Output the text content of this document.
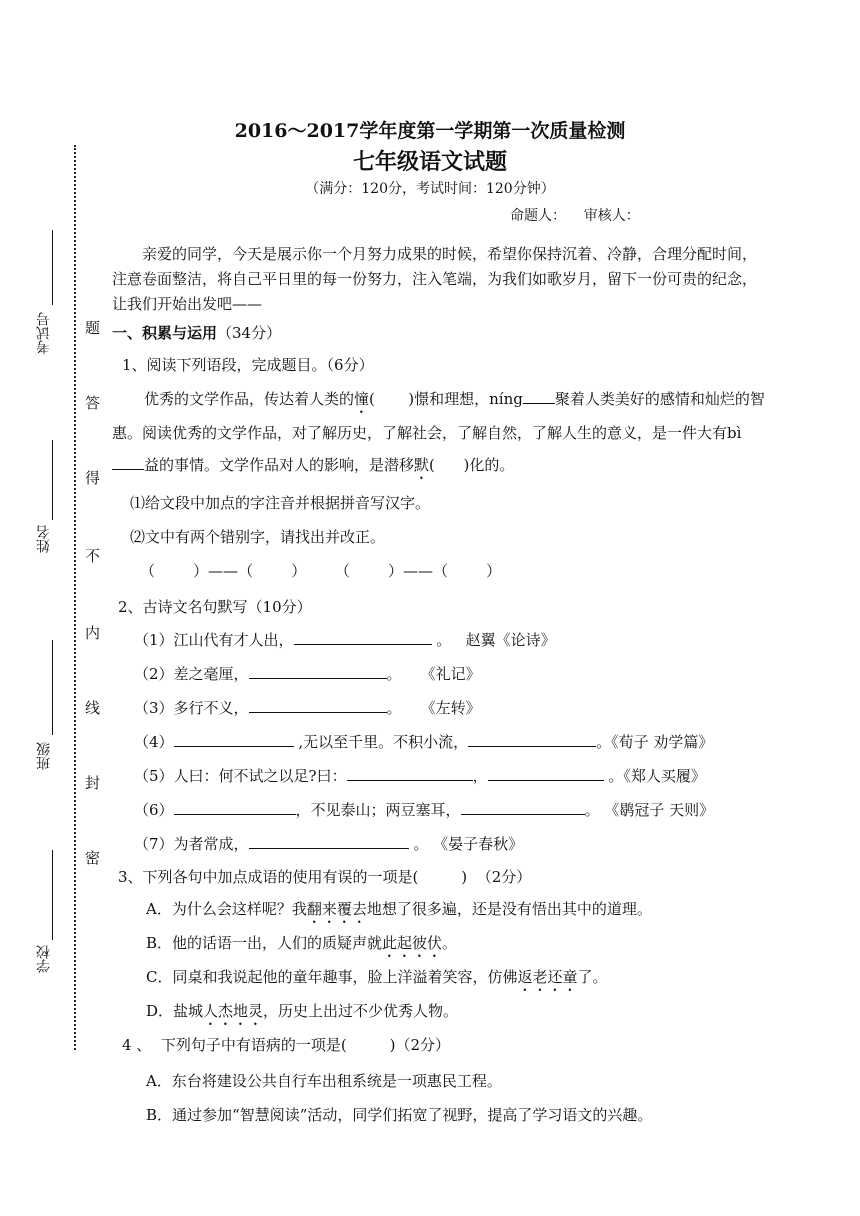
考试号
姓名
班级
学校
题
答
得
不
内
线
封
密
2016～2017学年度第一学期第一次质量检测
七年级语文试题
（满分：120分，考试时间：120分钟）
命题人：    审核人：
亲爱的同学，今天是展示你一个月努力成果的时候，希望你保持沉着、冷静，合理分配时间，注意卷面整洁，将自己平日里的每一份努力，注入笔端，为我们如歌岁月，留下一份可贵的纪念，让我们开始出发吧——
一、积累与运用（34分）
1、阅读下列语段，完成题目。（6分）
优秀的文学作品，传达着人类的憧(       )憬和理想，níng 聚着人类美好的感情和灿烂的智惠。阅读优秀的文学作品，对了解历史，了解社会，了解自然，了解人生的意义，是一件大有bì益的事情。文学作品对人的影响，是潜移默(      )化的。
⑴给文段中加点的字注音并根据拼音写汉字。
⑵文中有两个错别字，请找出并改正。
（        ）——（        ）      （        ）——（        ）
2、古诗文名句默写（10分）
（1）江山代有才人出，	。   赵翼《论诗》
（2）差之毫厘，	。    《礼记》
（3）多行不义，	。    《左转》
（4）	,无以至千里。不积小流，	。《荀子 劝学篇》
（5）人曰：何不试之以足?曰：	，	。《郑人买履》
（6）	，不见泰山；两豆塞耳，	。 《鹖冠子 天则》
（7）为者常成，	。 《晏子春秋》
3、下列各句中加点成语的使用有误的一项是(         )  （2分）
A．为什么会这样呢？我翻来覆去地想了很多遍，还是没有悟出其中的道理。
B．他的话语一出，人们的质疑声就此起彼伏。
C．同桌和我说起他的童年趣事，脸上洋溢着笑容，仿佛返老还童了。
D．盐城人杰地灵，历史上出过不少优秀人物。
4 、  下列句子中有语病的一项是(         )（2分）
A．东台将建设公共自行车出租系统是一项惠民工程。
B．通过参加“智慧阅读”活动，同学们拓宽了视野，提高了学习语文的兴趣。
